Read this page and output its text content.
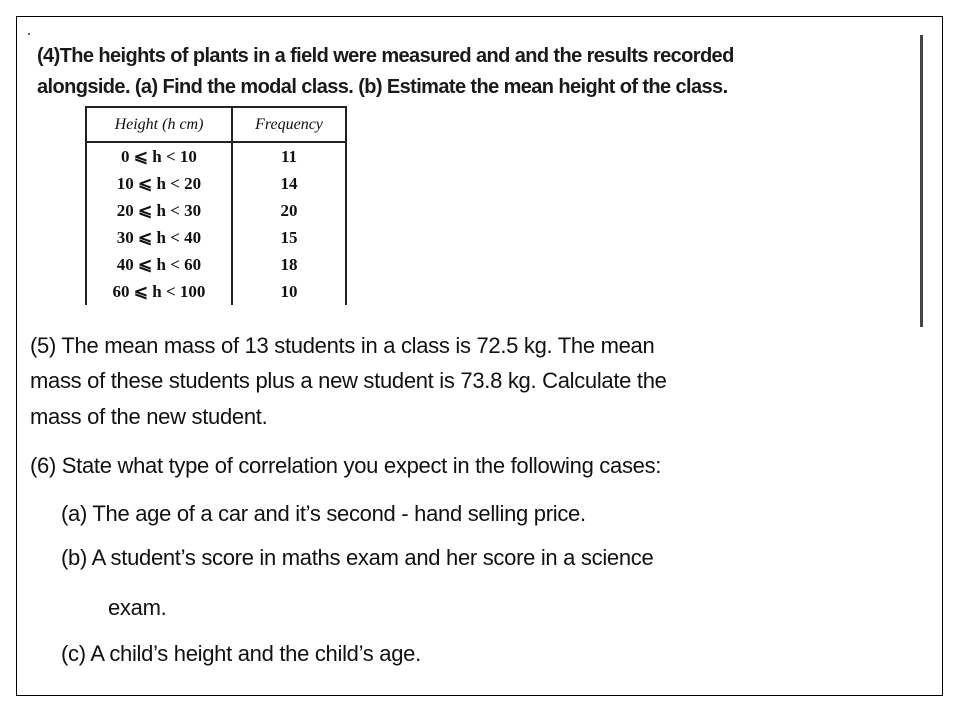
(4)The heights of plants in a field were measured and and the results recorded
alongside. (a) Find the modal class. (b) Estimate the mean height of the class.
Height (h cm)	Frequency
0 ⩽ h < 10	11
10 ⩽ h < 20	14
20 ⩽ h < 30	20
30 ⩽ h < 40	15
40 ⩽ h < 60	18
60 ⩽ h < 100	10
(5) The mean mass of 13 students in a class is 72.5 kg. The mean
mass of these students plus a new student is 73.8 kg. Calculate the
mass of the new student.
(6) State what type of correlation you expect in the following cases:
(a) The age of a car and it’s second - hand selling price.
(b) A student’s score in maths exam and her score in a science
exam.
(c) A child’s height and the child’s age.
